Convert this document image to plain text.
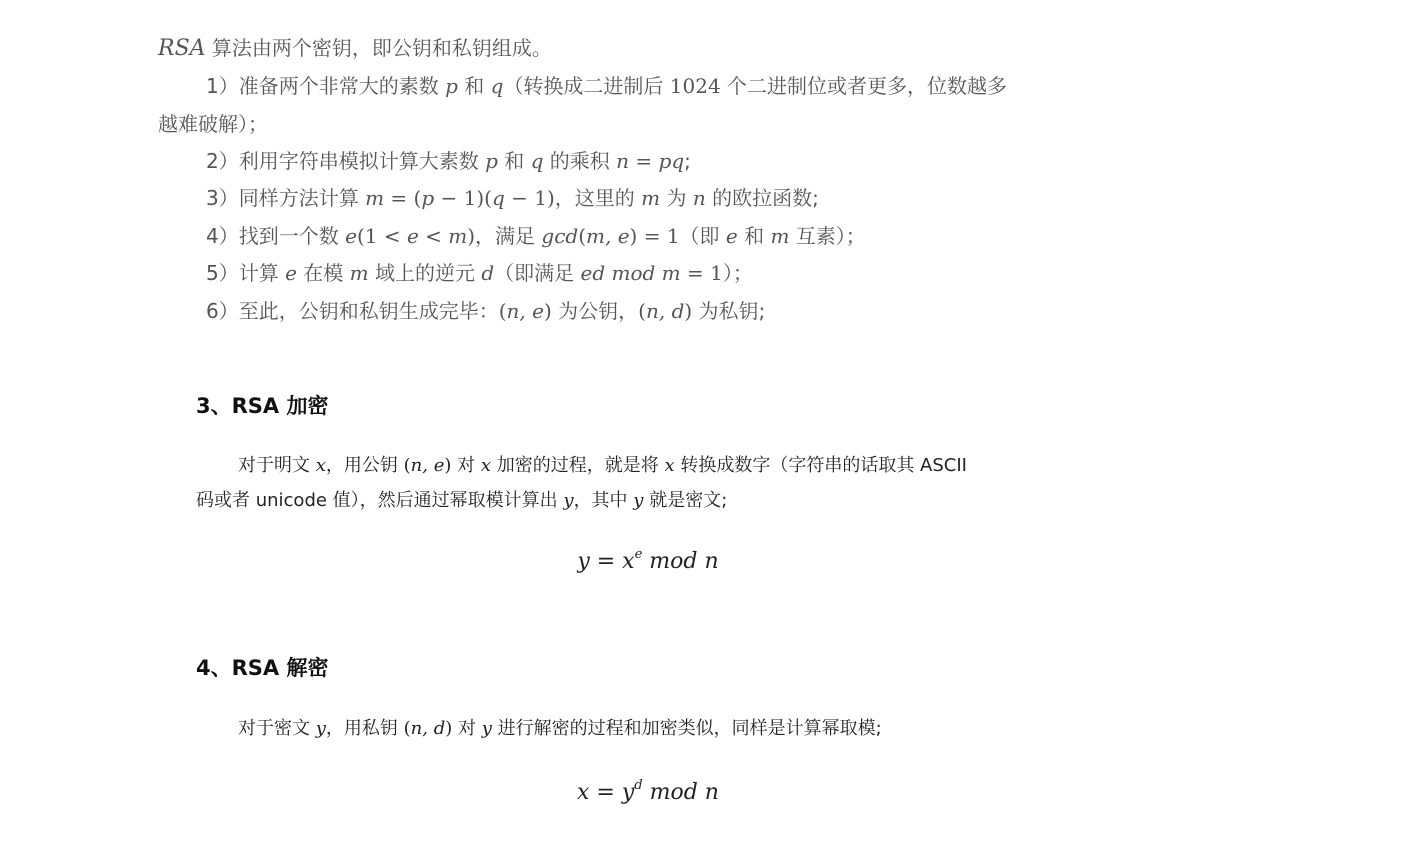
RSA 算法由两个密钥，即公钥和私钥组成。
1）准备两个非常大的素数 p 和 q（转换成二进制后 1024 个二进制位或者更多，位数越多
越难破解）；
2）利用字符串模拟计算大素数 p 和 q 的乘积 n = pq;
3）同样方法计算 m = (p − 1)(q − 1)，这里的 m 为 n 的欧拉函数;
4）找到一个数 e(1 < e < m)，满足 gcd(m, e) = 1（即 e 和 m 互素）；
5）计算 e 在模 m 域上的逆元 d（即满足 ed mod m = 1）；
6）至此，公钥和私钥生成完毕：(n, e) 为公钥，(n, d) 为私钥;
3、RSA 加密
对于明文 x，用公钥 (n, e) 对 x 加密的过程，就是将 x 转换成数字（字符串的话取其 ASCII
码或者 unicode 值），然后通过幂取模计算出 y，其中 y 就是密文;
$y = x^e$ mod n
4、RSA 解密
对于密文 y，用私钥 (n, d) 对 y 进行解密的过程和加密类似，同样是计算幂取模;
$x = y^d$ mod n
